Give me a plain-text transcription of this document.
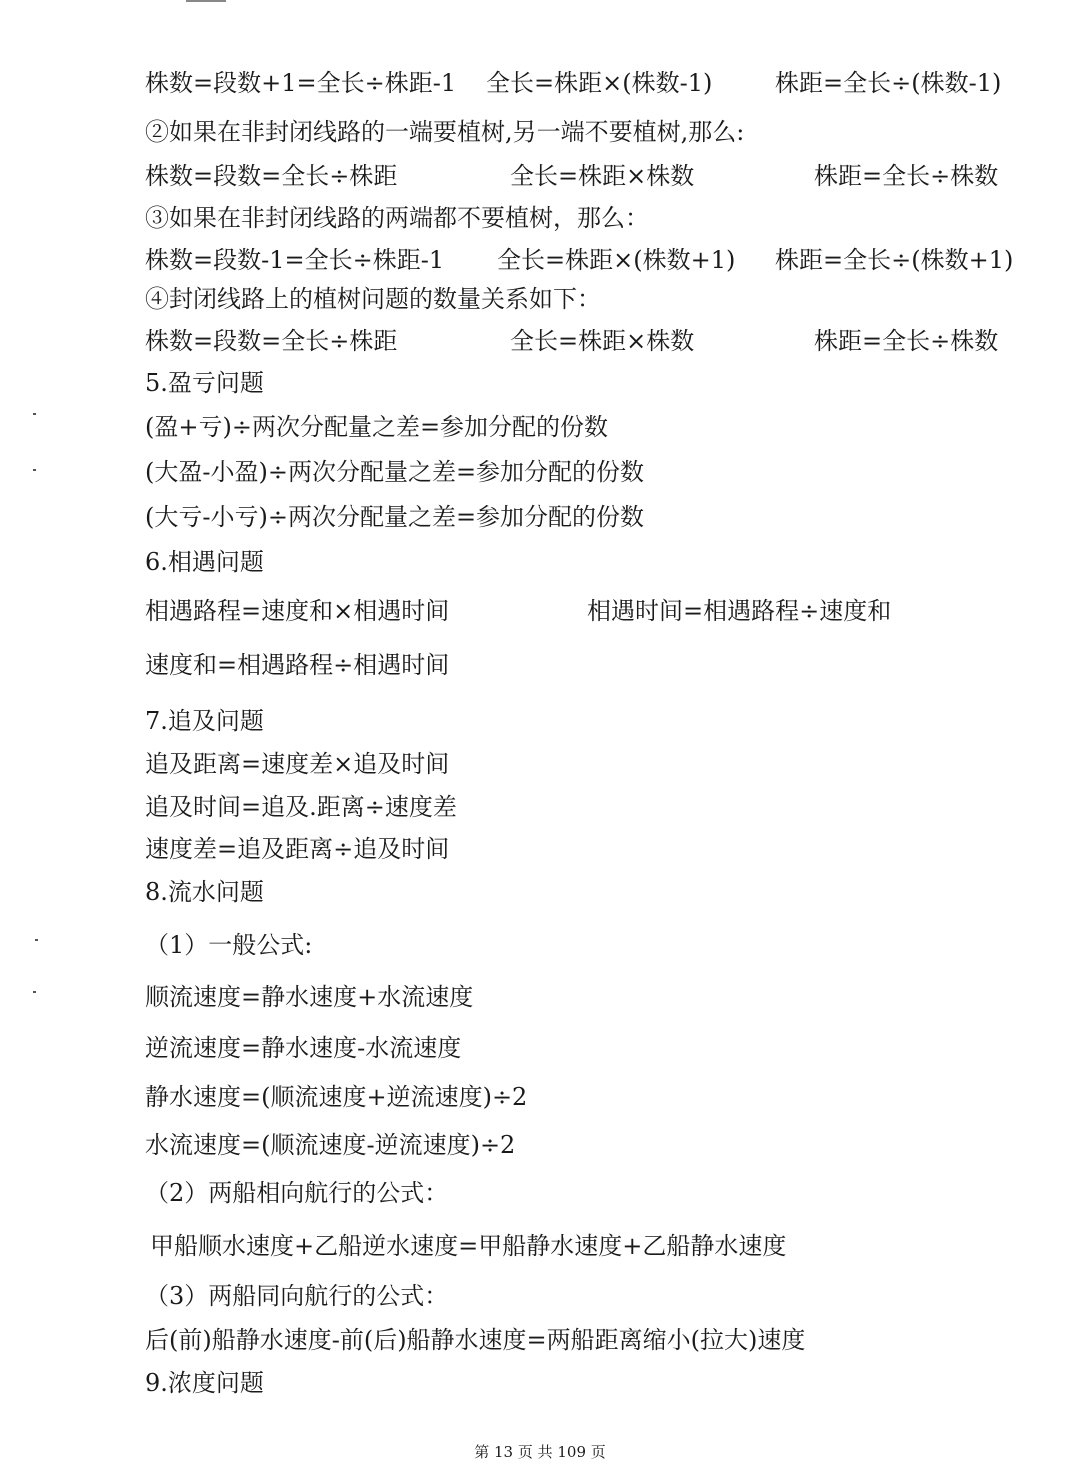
株数=段数+1=全长÷株距-1 全长=株距×(株数-1)	株距=全长÷(株数-1)
②如果在非封闭线路的一端要植树,另一端不要植树,那么:
株数=段数=全长÷株距	全长=株距×株数	株距=全长÷株数
③如果在非封闭线路的两端都不要植树，那么：
株数=段数-1=全长÷株距-1 全长=株距×(株数+1) 株距=全长÷(株数+1)
④封闭线路上的植树问题的数量关系如下：
株数=段数=全长÷株距	全长=株距×株数	株距=全长÷株数
5.盈亏问题
(盈+亏)÷两次分配量之差=参加分配的份数
(大盈-小盈)÷两次分配量之差=参加分配的份数
(大亏-小亏)÷两次分配量之差=参加分配的份数
6.相遇问题
相遇路程=速度和×相遇时间	相遇时间=相遇路程÷速度和
速度和=相遇路程÷相遇时间
7.追及问题
追及距离=速度差×追及时间
追及时间=追及.距离÷速度差
速度差=追及距离÷追及时间
8.流水问题
（1）一般公式:
顺流速度=静水速度+水流速度
逆流速度=静水速度-水流速度
静水速度=(顺流速度+逆流速度)÷2
水流速度=(顺流速度-逆流速度)÷2
（2）两船相向航行的公式：
甲船顺水速度+乙船逆水速度=甲船静水速度+乙船静水速度
（3）两船同向航行的公式：
后(前)船静水速度-前(后)船静水速度=两船距离缩小(拉大)速度
9.浓度问题
第 13 页 共 109 页
